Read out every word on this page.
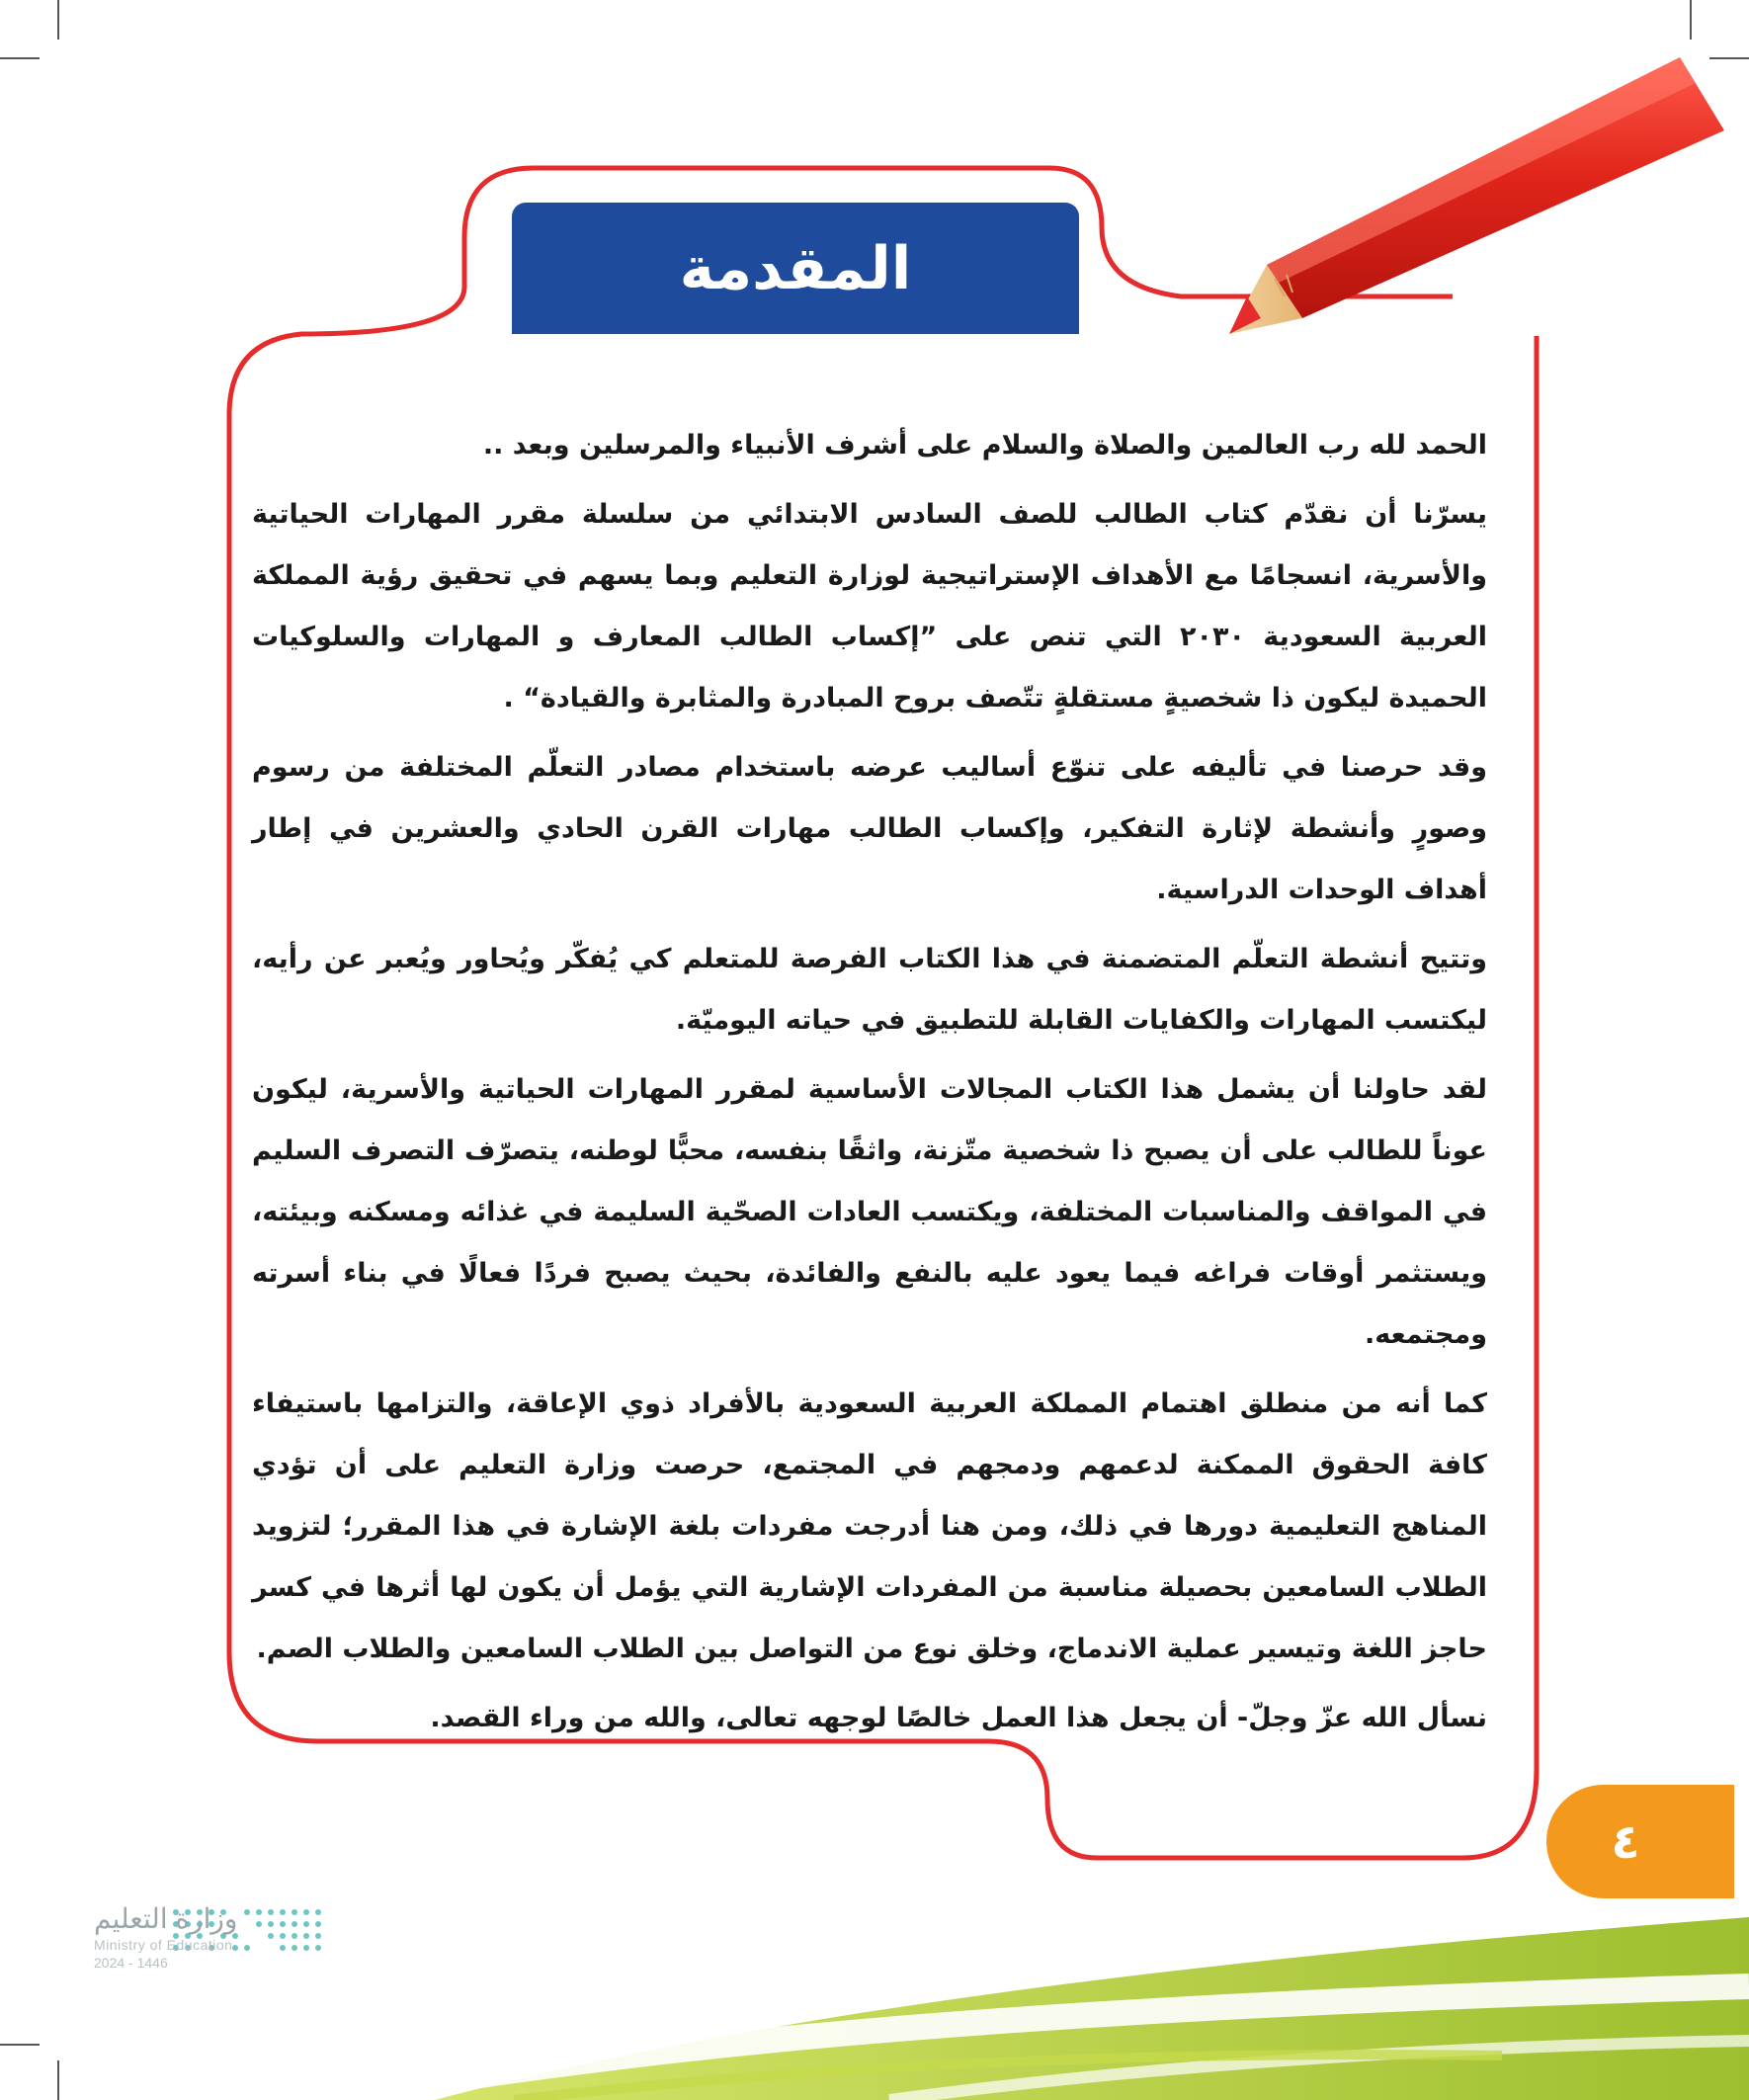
المقدمة

الحمد لله رب العالمين والصلاة والسلام على أشرف الأنبياء والمرسلين وبعد ..

يسرّنا أن نقدّم كتاب الطالب للصف السادس الابتدائي من سلسلة مقرر المهارات الحياتية والأسرية، انسجامًا مع الأهداف الإستراتيجية لوزارة التعليم وبما يسهم في تحقيق رؤية المملكة العربية السعودية ٢٠٣٠ التي تنص على ”إكساب الطالب المعارف و المهارات والسلوكيات الحميدة ليكون ذا شخصيةٍ مستقلةٍ تتّصف بروح المبادرة والمثابرة والقيادة“ .

وقد حرصنا في تأليفه على تنوّع أساليب عرضه باستخدام مصادر التعلّم المختلفة من رسوم وصورٍ وأنشطة لإثارة التفكير، وإكساب الطالب مهارات القرن الحادي والعشرين في إطار أهداف الوحدات الدراسية.

وتتيح أنشطة التعلّم المتضمنة في هذا الكتاب الفرصة للمتعلم كي يُفكّر ويُحاور ويُعبر عن رأيه، ليكتسب المهارات والكفايات القابلة للتطبيق في حياته اليوميّة.

لقد حاولنا أن يشمل هذا الكتاب المجالات الأساسية لمقرر المهارات الحياتية والأسرية، ليكون عوناً للطالب على أن يصبح ذا شخصية متّزنة، واثقًا بنفسه، محبًّا لوطنه، يتصرّف التصرف السليم في المواقف والمناسبات المختلفة، ويكتسب العادات الصحّية السليمة في غذائه ومسكنه وبيئته، ويستثمر أوقات فراغه فيما يعود عليه بالنفع والفائدة، بحيث يصبح فردًا فعالًا في بناء أسرته ومجتمعه.

كما أنه من منطلق اهتمام المملكة العربية السعودية بالأفراد ذوي الإعاقة، والتزامها باستيفاء كافة الحقوق الممكنة لدعمهم ودمجهم في المجتمع، حرصت وزارة التعليم على أن تؤدي المناهج التعليمية دورها في ذلك، ومن هنا أدرجت مفردات بلغة الإشارة في هذا المقرر؛ لتزويد الطلاب السامعين بحصيلة مناسبة من المفردات الإشارية التي يؤمل أن يكون لها أثرها في كسر حاجز اللغة وتيسير عملية الاندماج، وخلق نوع من التواصل بين الطلاب السامعين والطلاب الصم.

نسأل الله عزّ وجلّ- أن يجعل هذا العمل خالصًا لوجهه تعالى، والله من وراء القصد.

٤
وزارة التعليم
Ministry of Education
2024 - 1446
